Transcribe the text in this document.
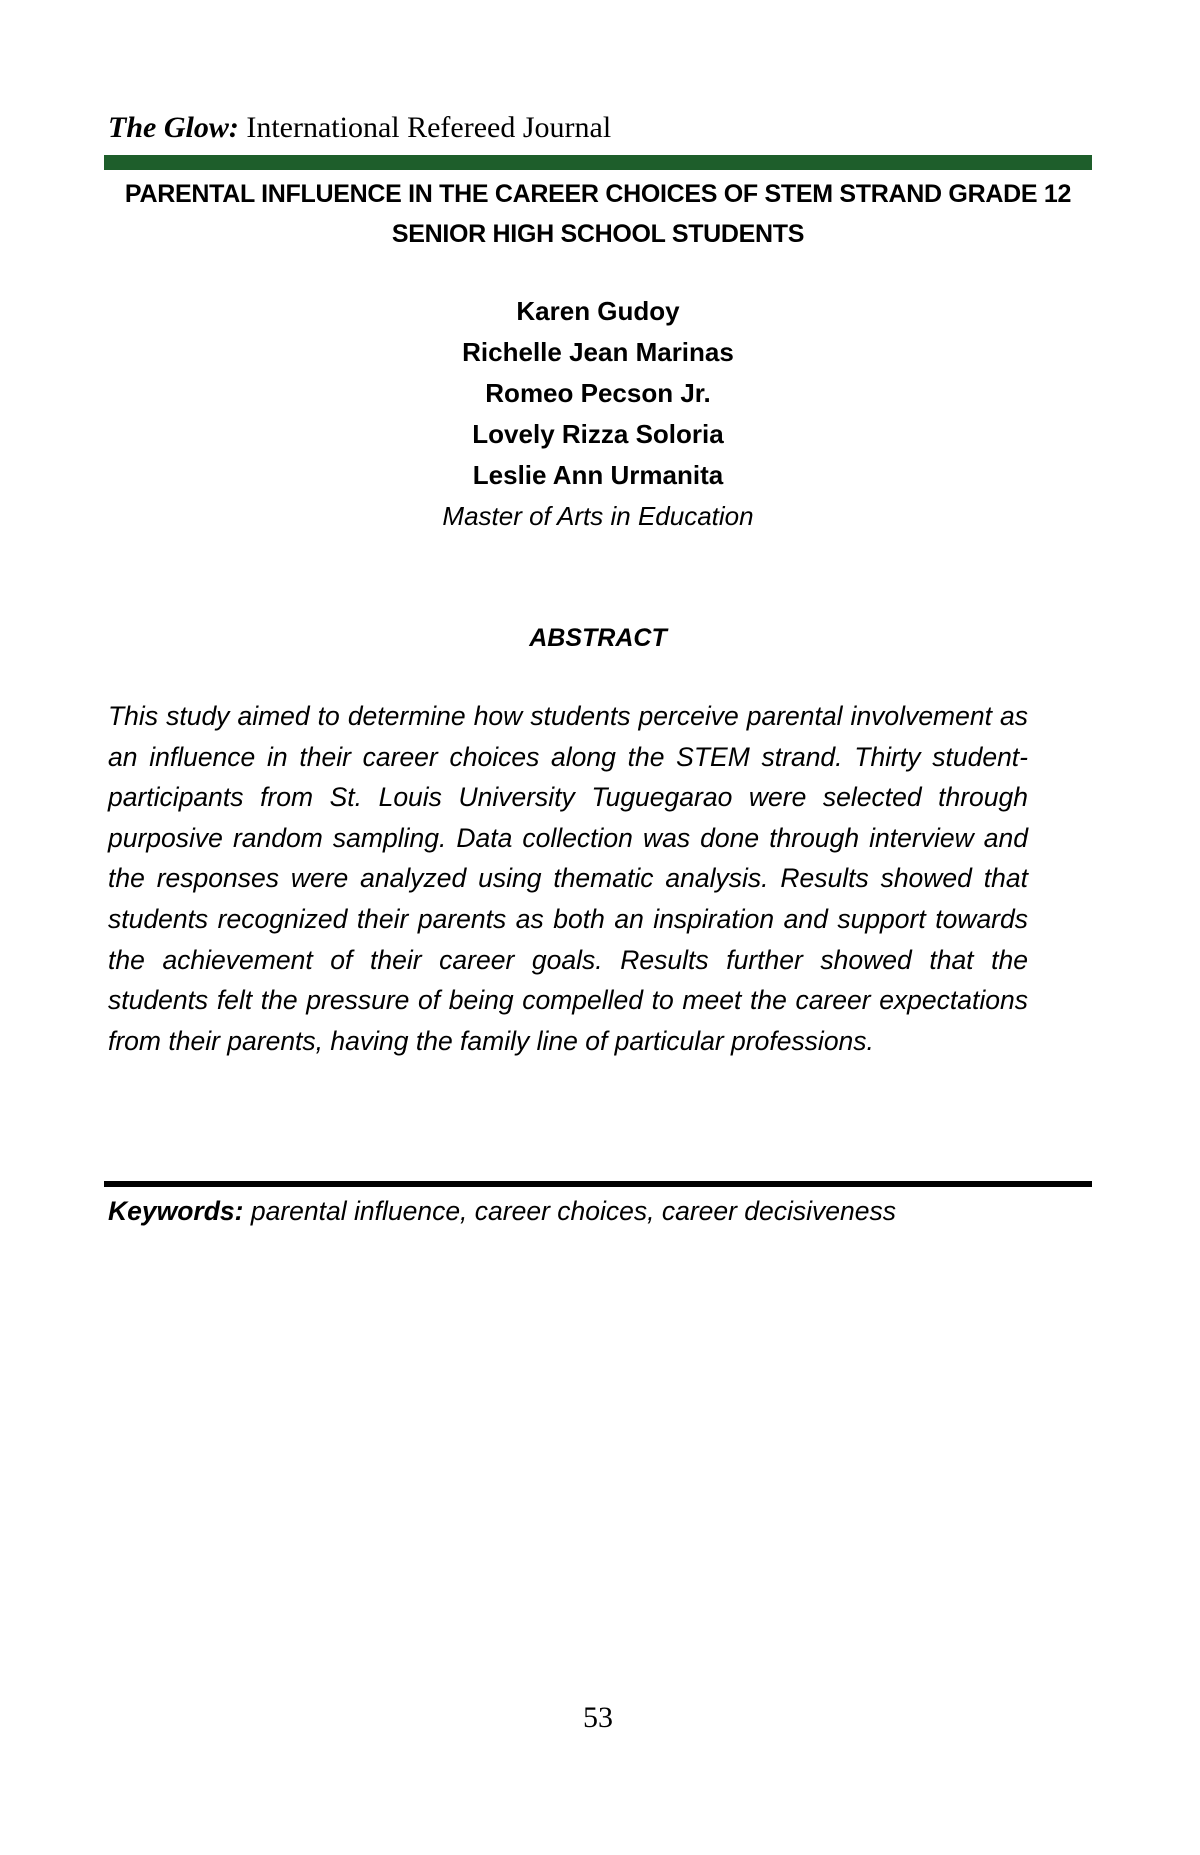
The Glow: International Refereed Journal
PARENTAL INFLUENCE IN THE CAREER CHOICES OF STEM STRAND GRADE 12 SENIOR HIGH SCHOOL STUDENTS
Karen Gudoy
Richelle Jean Marinas
Romeo Pecson Jr.
Lovely Rizza Soloria
Leslie Ann Urmanita
Master of Arts in Education
ABSTRACT
This study aimed to determine how students perceive parental involvement as an influence in their career choices along the STEM strand. Thirty student-participants from St. Louis University Tuguegarao were selected through purposive random sampling. Data collection was done through interview and the responses were analyzed using thematic analysis. Results showed that students recognized their parents as both an inspiration and support towards the achievement of their career goals. Results further showed that the students felt the pressure of being compelled to meet the career expectations from their parents, having the family line of particular professions.
Keywords: parental influence, career choices, career decisiveness
53
